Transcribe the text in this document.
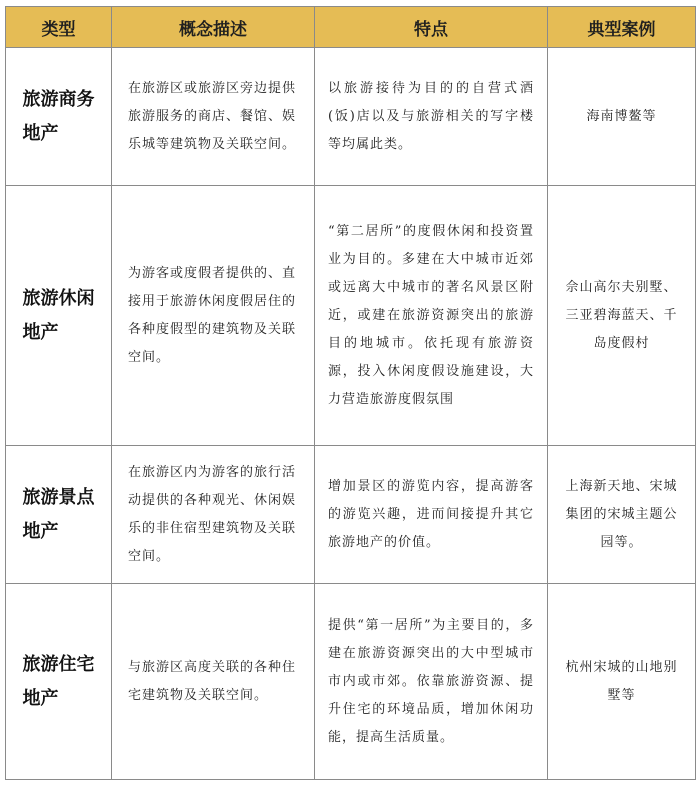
类型	概念描述	特点	典型案例

旅游商务地产	在旅游区或旅游区旁边提供旅游服务的商店、餐馆、娱乐城等建筑物及关联空间。	以旅游接待为目的的自营式酒(饭)店以及与旅游相关的写字楼等均属此类。	海南博鳌等

旅游休闲地产	为游客或度假者提供的、直接用于旅游休闲度假居住的各种度假型的建筑物及关联空间。	“第二居所”的度假休闲和投资置业为目的。多建在大中城市近郊或远离大中城市的著名风景区附近，或建在旅游资源突出的旅游目的地城市。依托现有旅游资源，投入休闲度假设施建设，大力营造旅游度假氛围	佘山高尔夫别墅、三亚碧海蓝天、千岛度假村

旅游景点地产	在旅游区内为游客的旅行活动提供的各种观光、休闲娱乐的非住宿型建筑物及关联空间。	增加景区的游览内容，提高游客的游览兴趣，进而间接提升其它旅游地产的价值。	上海新天地、宋城集团的宋城主题公园等。

旅游住宅地产	与旅游区高度关联的各种住宅建筑物及关联空间。	提供“第一居所”为主要目的，多建在旅游资源突出的大中型城市市内或市郊。依靠旅游资源、提升住宅的环境品质，增加休闲功能，提高生活质量。	杭州宋城的山地别墅等
